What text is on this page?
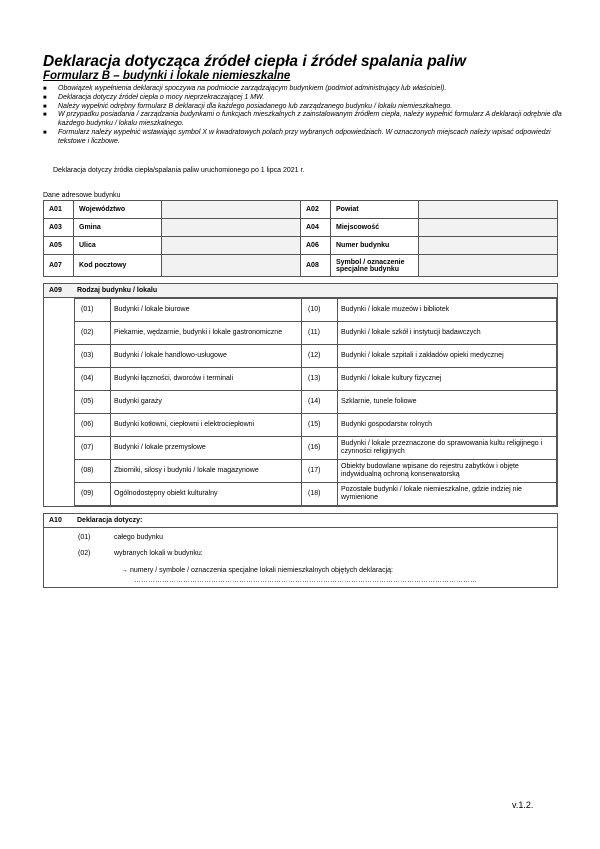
Deklaracja dotycząca źródeł ciepła i źródeł spalania paliw
Formularz B – budynki i lokale niemieszkalne
■	Obowiązek wypełnienia deklaracji spoczywa na podmiocie zarządzającym budynkiem (podmiot administrujący lub właściciel).
■	Deklaracja dotyczy źródeł ciepła o mocy nieprzekraczającej 1 MW.
■	Należy wypełnić odrębny formularz B deklaracji dla każdego posiadanego lub zarządzanego budynku / lokalu niemieszkalnego.
■	W przypadku posiadania / zarządzania budynkami o funkcjach mieszkalnych z zainstalowanym źródłem ciepła, należy wypełnić formularz A deklaracji odrębnie dla każdego budynku / lokalu mieszkalnego.
■	Formularz należy wypełnić wstawiając symbol X w kwadratowych polach przy wybranych odpowiedziach. W oznaczonych miejscach należy wpisać odpowiedzi tekstowe i liczbowe.
Deklaracja dotyczy źródła ciepła/spalania paliw uruchomionego po 1 lipca 2021 r.
Dane adresowe budynku
A01	Województwo		A02	Powiat	
A03	Gmina		A04	Miejscowość	
A05	Ulica		A06	Numer budynku	
A07	Kod pocztowy		A08	Symbol / oznaczenie specjalne budynku	
A09	Rodzaj budynku / lokalu
(01)	Budynki / lokale biurowe	(10)	Budynki / lokale muzeów i bibliotek
(02)	Piekarnie, wędzarnie, budynki i lokale gastronomiczne	(11)	Budynki / lokale szkół i instytucji badawczych
(03)	Budynki / lokale handlowo-usługowe	(12)	Budynki / lokale szpitali i zakładów opieki medycznej
(04)	Budynki łączności, dworców i terminali	(13)	Budynki / lokale kultury fizycznej
(05)	Budynki garaży	(14)	Szklarnie, tunele foliowe
(06)	Budynki kotłowni, ciepłowni i elektrociepłowni	(15)	Budynki gospodarstw rolnych
(07)	Budynki / lokale przemysłowe	(16)	Budynki / lokale przeznaczone do sprawowania kultu religijnego i czynności religijnych
(08)	Zbiorniki, silosy i budynki / lokale magazynowe	(17)	Obiekty budowlane wpisane do rejestru zabytków i objęte indywidualną ochroną konserwatorską
(09)	Ogólnodostępny obiekt kulturalny	(18)	Pozostałe budynki / lokale niemieszkalne, gdzie indziej nie wymienione
A10	Deklaracja dotyczy:
(01)	całego budynku
(02)	wybranych lokali w budynku:
→ numery / symbole / oznaczenia specjalne lokali niemieszkalnych objętych deklaracją:
…………………………………………………………………………………………………………………………………
v.1.2.
